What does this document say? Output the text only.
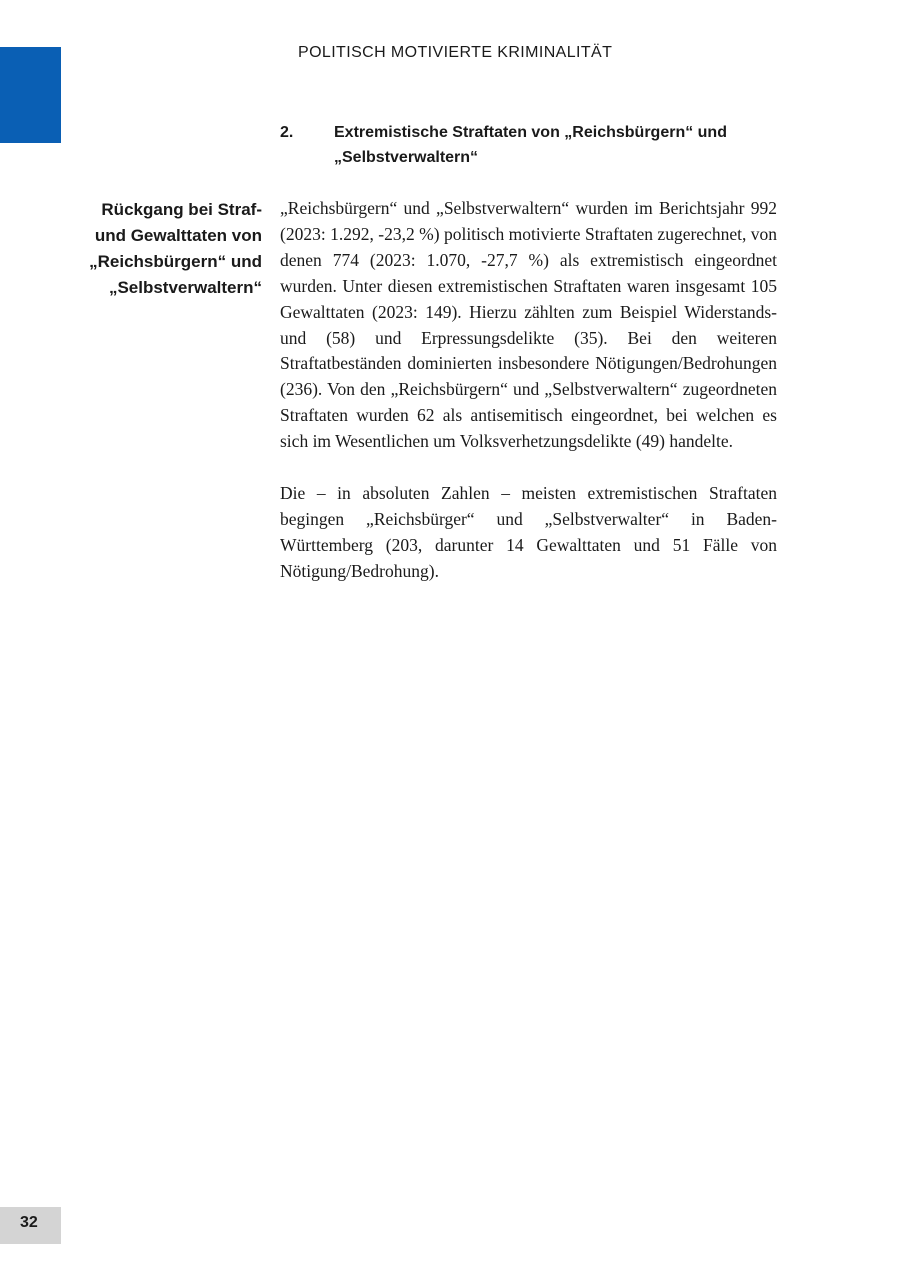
POLITISCH MOTIVIERTE KRIMINALITÄT
2.	Extremistische Straftaten von „Reichsbürgern“ und „Selbstverwaltern“
Rückgang bei Straf- und Gewalttaten von „Reichsbürgern“ und „Selbstverwaltern“

„Reichsbürgern“ und „Selbstverwaltern“ wurden im Berichtsjahr 992 (2023: 1.292, -23,2 %) politisch motivierte Straftaten zugerechnet, von denen 774 (2023: 1.070, -27,7 %) als extremistisch eingeordnet wurden. Unter diesen extremistischen Straftaten waren insgesamt 105 Gewalttaten (2023: 149). Hierzu zählten zum Beispiel Widerstands- und (58) und Erpressungsdelikte (35). Bei den weiteren Straftatbeständen dominierten insbesondere Nötigungen/Bedrohungen (236). Von den „Reichsbürgern“ und „Selbstverwaltern“ zugeordneten Straftaten wurden 62 als antisemitisch eingeordnet, bei welchen es sich im Wesentlichen um Volksverhetzungsdelikte (49) handelte.

Die – in absoluten Zahlen – meisten extremistischen Straftaten begingen „Reichsbürger“ und „Selbstverwalter“ in Baden-Württemberg (203, darunter 14 Gewalttaten und 51 Fälle von Nötigung/Bedrohung).

32
